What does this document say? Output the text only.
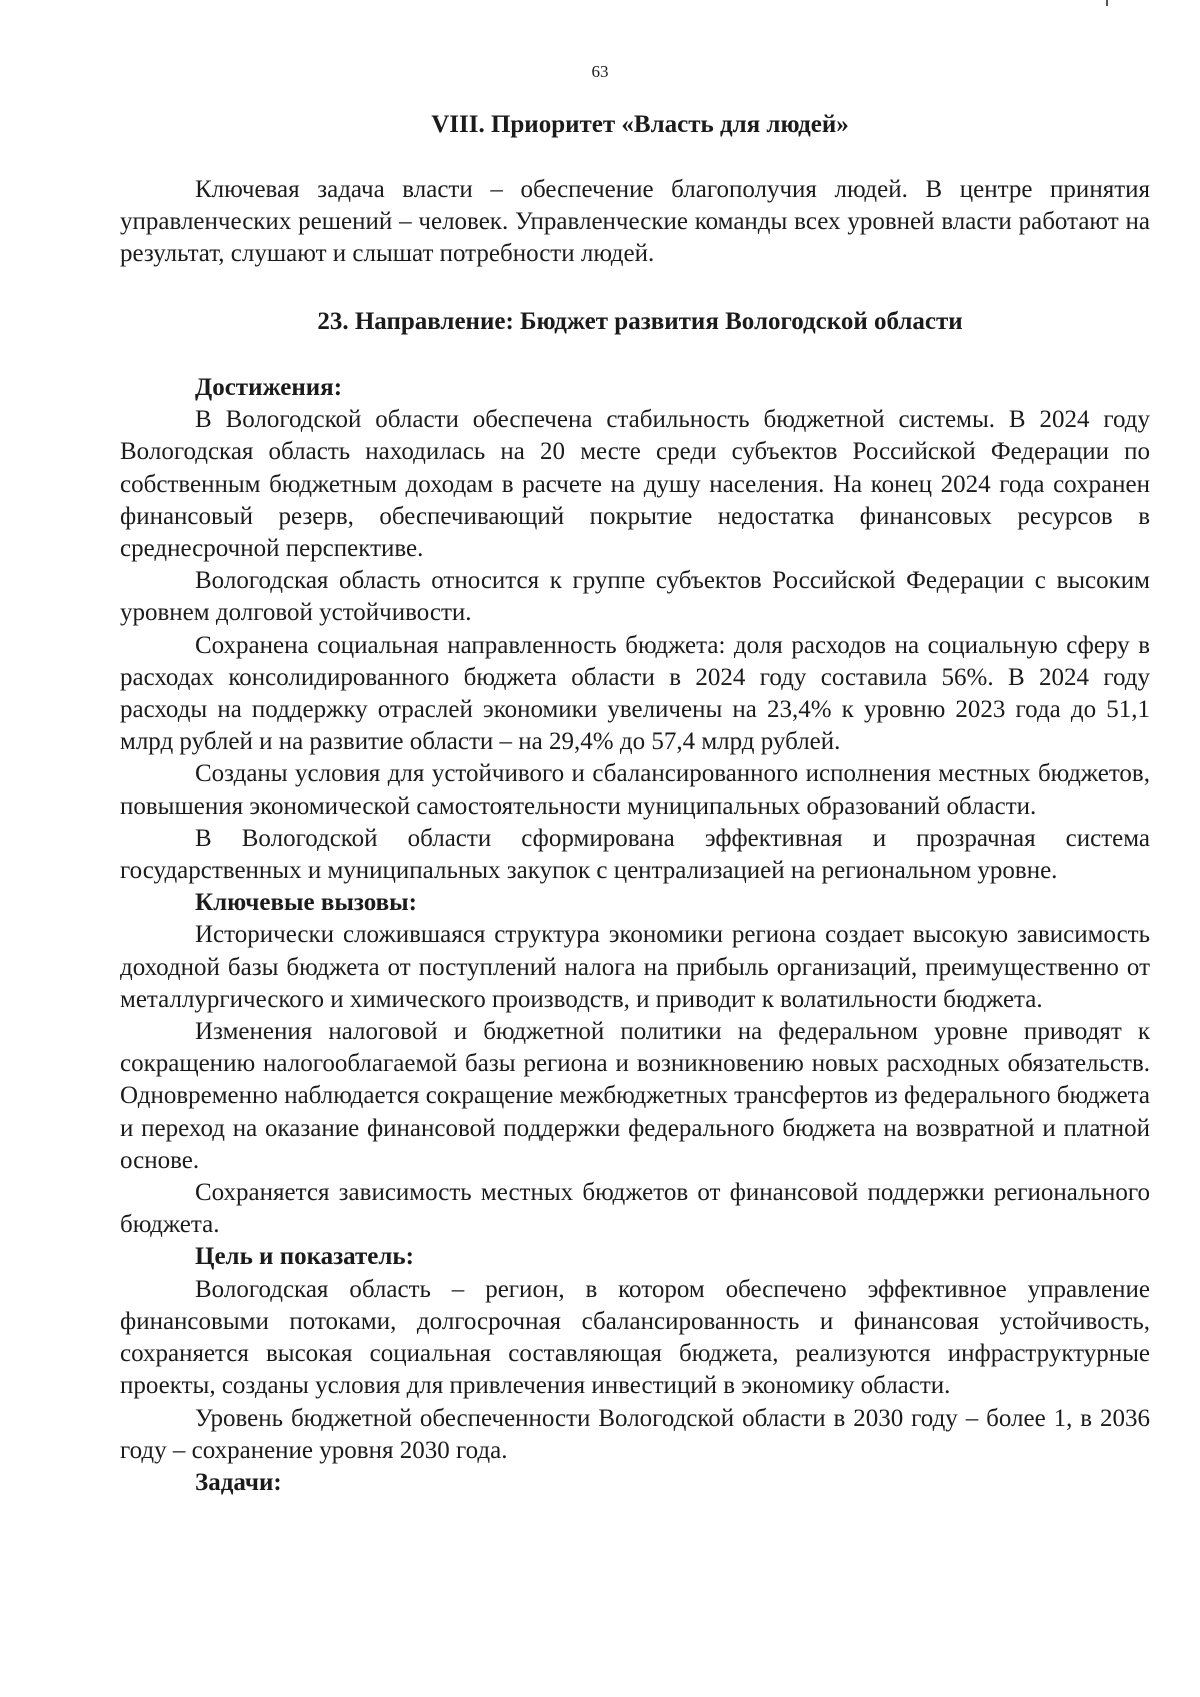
63
VIII. Приоритет «Власть для людей»

Ключевая задача власти – обеспечение благополучия людей. В центре принятия управленческих решений – человек. Управленческие команды всех уровней власти работают на результат, слушают и слышат потребности людей.

23. Направление: Бюджет развития Вологодской области
Достижения:

В Вологодской области обеспечена стабильность бюджетной системы. В 2024 году Вологодская область находилась на 20 месте среди субъектов Российской Федерации по собственным бюджетным доходам в расчете на душу населения. На конец 2024 года сохранен финансовый резерв, обеспечивающий покрытие недостатка финансовых ресурсов в среднесрочной перспективе.

Вологодская область относится к группе субъектов Российской Федерации с высоким уровнем долговой устойчивости.

Сохранена социальная направленность бюджета: доля расходов на социальную сферу в расходах консолидированного бюджета области в 2024 году составила 56%. В 2024 году расходы на поддержку отраслей экономики увеличены на 23,4% к уровню 2023 года до 51,1 млрд рублей и на развитие области – на 29,4% до 57,4 млрд рублей.

Созданы условия для устойчивого и сбалансированного исполнения местных бюджетов, повышения экономической самостоятельности муниципальных образований области.

В Вологодской области сформирована эффективная и прозрачная система государственных и муниципальных закупок с централизацией на региональном уровне.

Ключевые вызовы:

Исторически сложившаяся структура экономики региона создает высокую зависимость доходной базы бюджета от поступлений налога на прибыль организаций, преимущественно от металлургического и химического производств, и приводит к волатильности бюджета.

Изменения налоговой и бюджетной политики на федеральном уровне приводят к сокращению налогооблагаемой базы региона и возникновению новых расходных обязательств. Одновременно наблюдается сокращение межбюджетных трансфертов из федерального бюджета и переход на оказание финансовой поддержки федерального бюджета на возвратной и платной основе.

Сохраняется зависимость местных бюджетов от финансовой поддержки регионального бюджета.

Цель и показатель:

Вологодская область – регион, в котором обеспечено эффективное управление финансовыми потоками, долгосрочная сбалансированность и финансовая устойчивость, сохраняется высокая социальная составляющая бюджета, реализуются инфраструктурные проекты, созданы условия для привлечения инвестиций в экономику области.

Уровень бюджетной обеспеченности Вологодской области в 2030 году – более 1, в 2036 году – сохранение уровня 2030 года.

Задачи:
